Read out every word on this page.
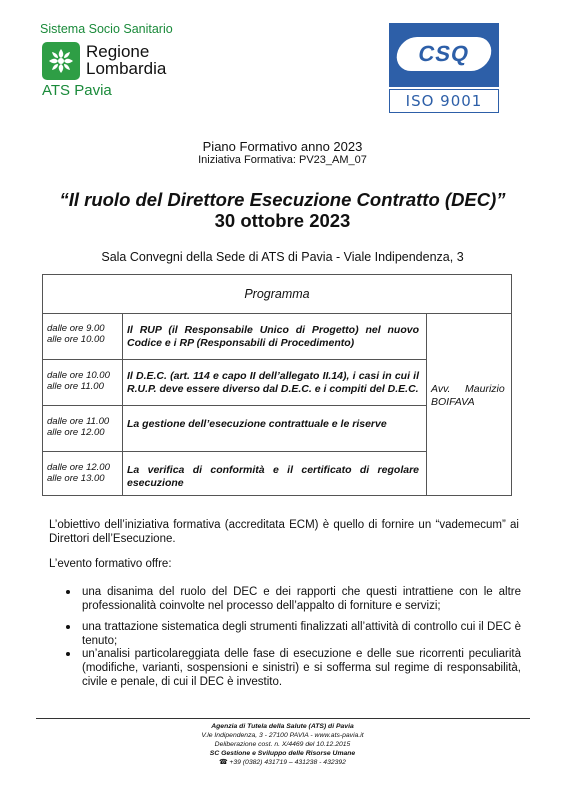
Sistema Socio Sanitario
Regione
Lombardia
ATS Pavia
CSQ
ISO 9001
Piano Formativo anno 2023
Iniziativa Formativa: PV23_AM_07
“Il ruolo del Direttore Esecuzione Contratto (DEC)”
30 ottobre 2023
Sala Convegni della Sede di ATS di Pavia - Viale Indipendenza, 3
Programma
dalle ore 9.00
alle ore 10.00
Il RUP (il Responsabile Unico di Progetto) nel nuovo Codice e i RP (Responsabili di Procedimento)
dalle ore 10.00
alle ore 11.00
Il D.E.C. (art. 114 e capo II dell’allegato II.14), i casi in cui il R.U.P. deve essere diverso dal D.E.C. e i compiti del D.E.C.
dalle ore 11.00
alle ore 12.00
La gestione dell’esecuzione contrattuale e le riserve
dalle ore 12.00
alle ore 13.00
La verifica di conformità e il certificato di regolare esecuzione
Avv.     Maurizio
BOIFAVA
L’obiettivo dell’iniziativa formativa (accreditata ECM) è quello di fornire un “vademecum” ai Direttori dell’Esecuzione.
L’evento formativo offre:
una disanima del ruolo del DEC e dei rapporti che questi intrattiene con le altre professionalità coinvolte nel processo dell’appalto di forniture e servizi;
una trattazione sistematica degli strumenti finalizzati all’attività di controllo cui il DEC è tenuto;
un’analisi particolareggiata delle fase di esecuzione e delle sue ricorrenti peculiarità (modifiche, varianti, sospensioni e sinistri) e si sofferma sul regime di responsabilità, civile e penale, di cui il DEC è investito.
Agenzia di Tutela della Salute (ATS) di Pavia
V.le Indipendenza, 3 - 27100 PAVIA - www.ats-pavia.it
Deliberazione cost. n. X/4469 del 10.12.2015
SC Gestione e Sviluppo delle Risorse Umane
☎ +39 (0382) 431719 – 431238 - 432392
